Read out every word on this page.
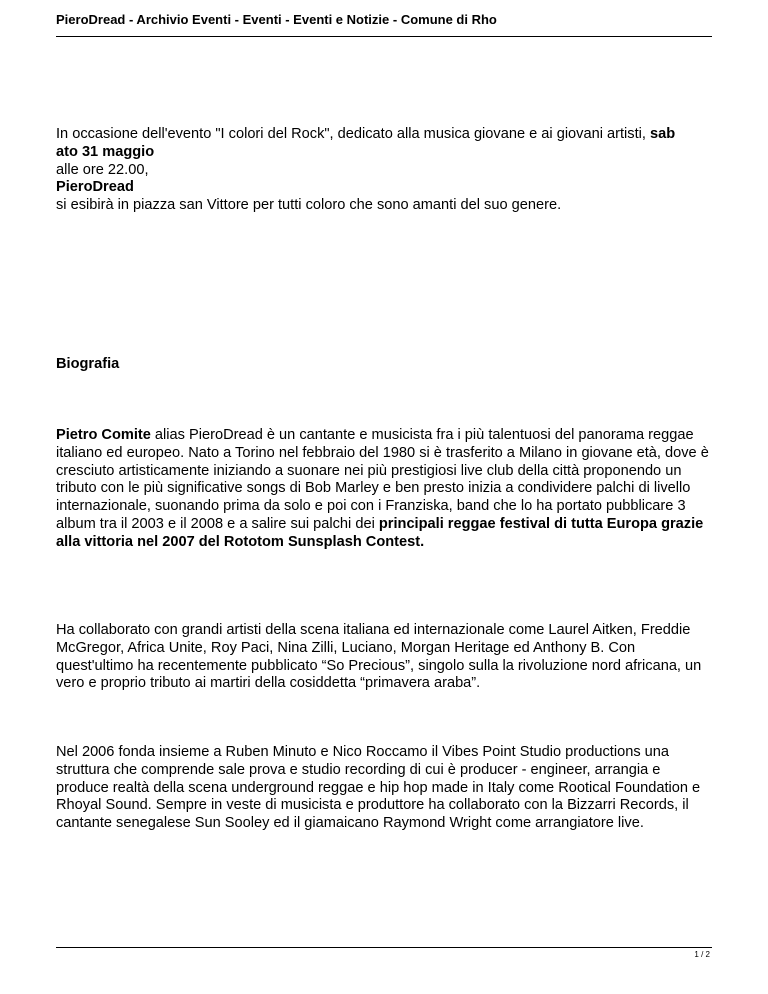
PieroDread - Archivio Eventi - Eventi - Eventi e Notizie - Comune di Rho

In occasione dell'evento "I colori del Rock", dedicato alla musica giovane e ai giovani artisti, sab
ato 31 maggio

alle ore 22.00,

PieroDread

si esibirà in piazza san Vittore per tutti coloro che sono amanti del suo genere.

Biografia

Pietro Comite alias PieroDread è un cantante e musicista fra i più talentuosi del panorama reggae italiano ed europeo. Nato a Torino nel febbraio del 1980 si è trasferito a Milano in giovane età, dove è cresciuto artisticamente iniziando a suonare nei più prestigiosi live club della città proponendo un tributo con le più significative songs di Bob Marley e ben presto inizia a condividere palchi di livello internazionale, suonando prima da solo e poi con i Franziska, band che lo ha portato pubblicare 3 album tra il 2003 e il 2008 e a salire sui palchi dei principali reggae festival di tutta Europa grazie alla vittoria nel 2007 del Rototom Sunsplash Contest.

Ha collaborato con grandi artisti della scena italiana ed internazionale come Laurel Aitken, Freddie McGregor, Africa Unite, Roy Paci, Nina Zilli, Luciano, Morgan Heritage ed Anthony B. Con quest'ultimo ha recentemente pubblicato “So Precious”, singolo sulla la rivoluzione nord africana, un vero e proprio tributo ai martiri della cosiddetta “primavera araba”.

Nel 2006 fonda insieme a Ruben Minuto e Nico Roccamo il Vibes Point Studio productions una struttura che comprende sale prova e studio recording di cui è producer - engineer, arrangia e produce realtà della scena underground reggae e hip hop made in Italy come Rootical Foundation e Rhoyal Sound. Sempre in veste di musicista e produttore ha collaborato con la Bizzarri Records, il cantante senegalese Sun Sooley ed il giamaicano Raymond Wright come arrangiatore live.

1 / 2
